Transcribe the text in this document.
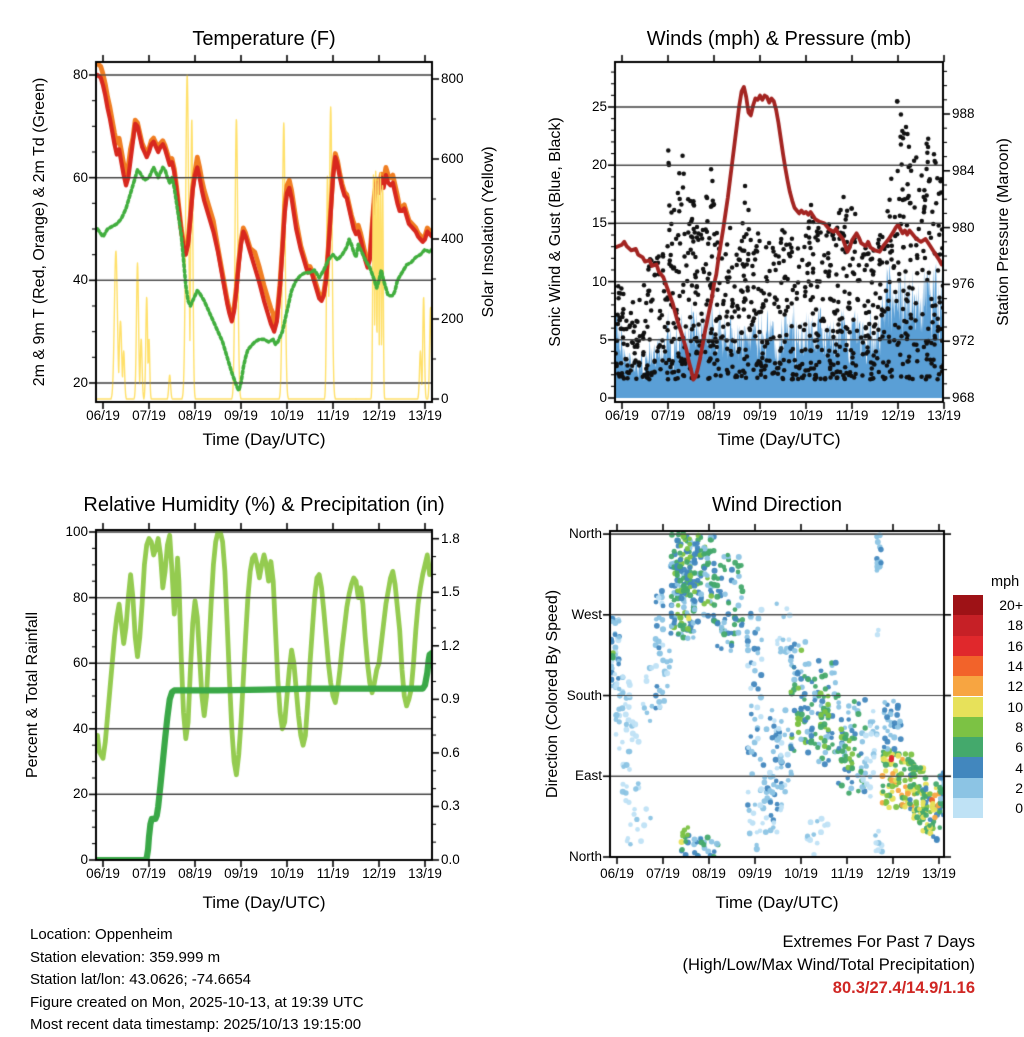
Temperature (F)
2m & 9m T (Red, Orange) & 2m Td (Green)	Solar Insolation (Yellow)
Time (Day/UTC)
Winds (mph) & Pressure (mb)
Sonic Wind & Gust (Blue, Black)	Station Pressure (Maroon)
Time (Day/UTC)
Relative Humidity (%) & Precipitation (in)
Percent & Total Rainfall
Time (Day/UTC)
Wind Direction
Direction (Colored By Speed)
Time (Day/UTC)
mph
20+
18
16
14
12
10
8
6
4
2
0
Location: Oppenheim
Station elevation: 359.999 m
Station lat/lon: 43.0626; -74.6654
Figure created on Mon, 2025-10-13, at 19:39 UTC
Most recent data timestamp: 2025/10/13 19:15:00
Extremes For Past 7 Days
(High/Low/Max Wind/Total Precipitation)
80.3/27.4/14.9/1.16
06/19 07/19 08/19 09/19 10/19 11/19 12/19 13/19
20
40
60
80
0
200
400
600
800
06/19 07/19 08/19 09/19 10/19 11/19 12/19 13/19
0
5
10
15
20
25
968
972
976
980
984
988
06/19 07/19 08/19 09/19 10/19 11/19 12/19 13/19
0
20
40
60
80
100
0.0
0.3
0.6
0.9
1.2
1.5
1.8
06/19 07/19 08/19 09/19 10/19 11/19 12/19 13/19
North
West
South
East
North
